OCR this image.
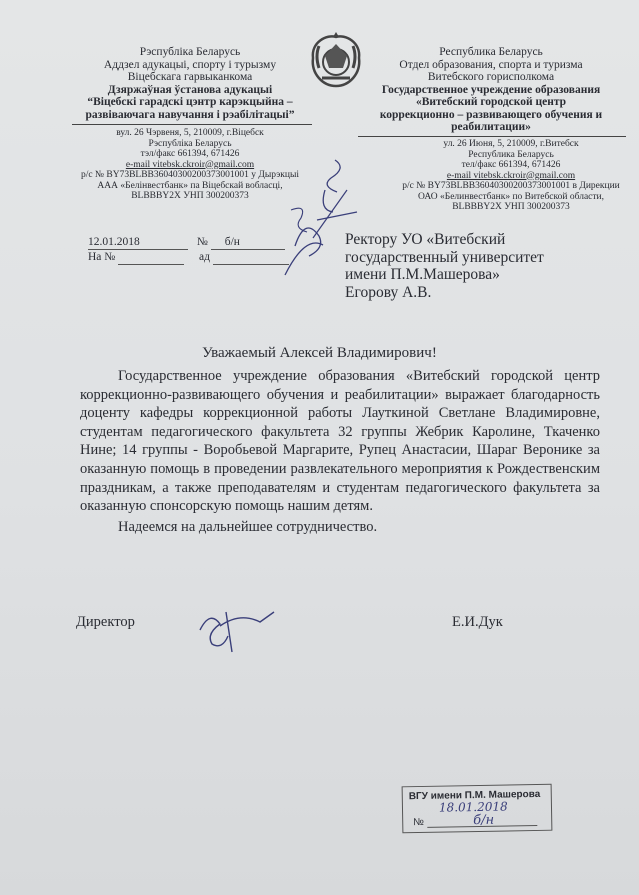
Рэспубліка Беларусь
Аддзел адукацыі, спорту і турызму
Віцебскага гарвыканкома
Дзяржаўная ўстанова адукацыі
“Віцебскі гарадскі цэнтр карэкцыйна –
развіваючага навучання і рэабілітацыі”
вул. 26 Чэрвеня, 5, 210009, г.Віцебск
Рэспубліка Беларусь
тэл/факс 661394, 671426
e-mail vitebsk.ckroir@gmail.com
р/с № BY73BLBB36040300200373001001 у Дырэкцыі
ААА «Белінвестбанк» па Віцебскай вобласці,
BLBBBY2X УНП 300200373
Республика Беларусь
Отдел образования, спорта и туризма
Витебского горисполкома
Государственное учреждение образования
«Витебский городской центр
коррекционно – развивающего обучения и
реабилитации»
ул. 26 Июня, 5, 210009, г.Витебск
Республика Беларусь
тел/факс 661394, 671426
e-mail vitebsk.ckroir@gmail.com
р/с № BY73BLBB36040300200373001001 в Дирекции
ОАО «Белинвестбанк» по Витебской области,
BLBBBY2X УНП 300200373
12.01.2018	№ б/н
На №	ад
Ректору УО «Витебский
государственный университет
имени П.М.Машерова»
Егорову А.В.
Уважаемый Алексей Владимирович!

Государственное учреждение образования «Витебский городской центр коррекционно-развивающего обучения и реабилитации» выражает благодарность доценту кафедры коррекционной работы Лауткиной Светлане Владимировне, студентам педагогического факультета 32 группы Жебрик Каролине, Ткаченко Нине; 14 группы - Воробьевой Маргарите, Рупец Анастасии, Шараг Веронике за оказанную помощь в проведении развлекательного мероприятия к Рождественским праздникам, а также преподавателям и студентам педагогического факультета за оказанную спонсорскую помощь нашим детям.

Надеемся на дальнейшее сотрудничество.

Директор	Е.И.Дук
ВГУ имени П.М. Машерова
18.01.2018
№	б/н
